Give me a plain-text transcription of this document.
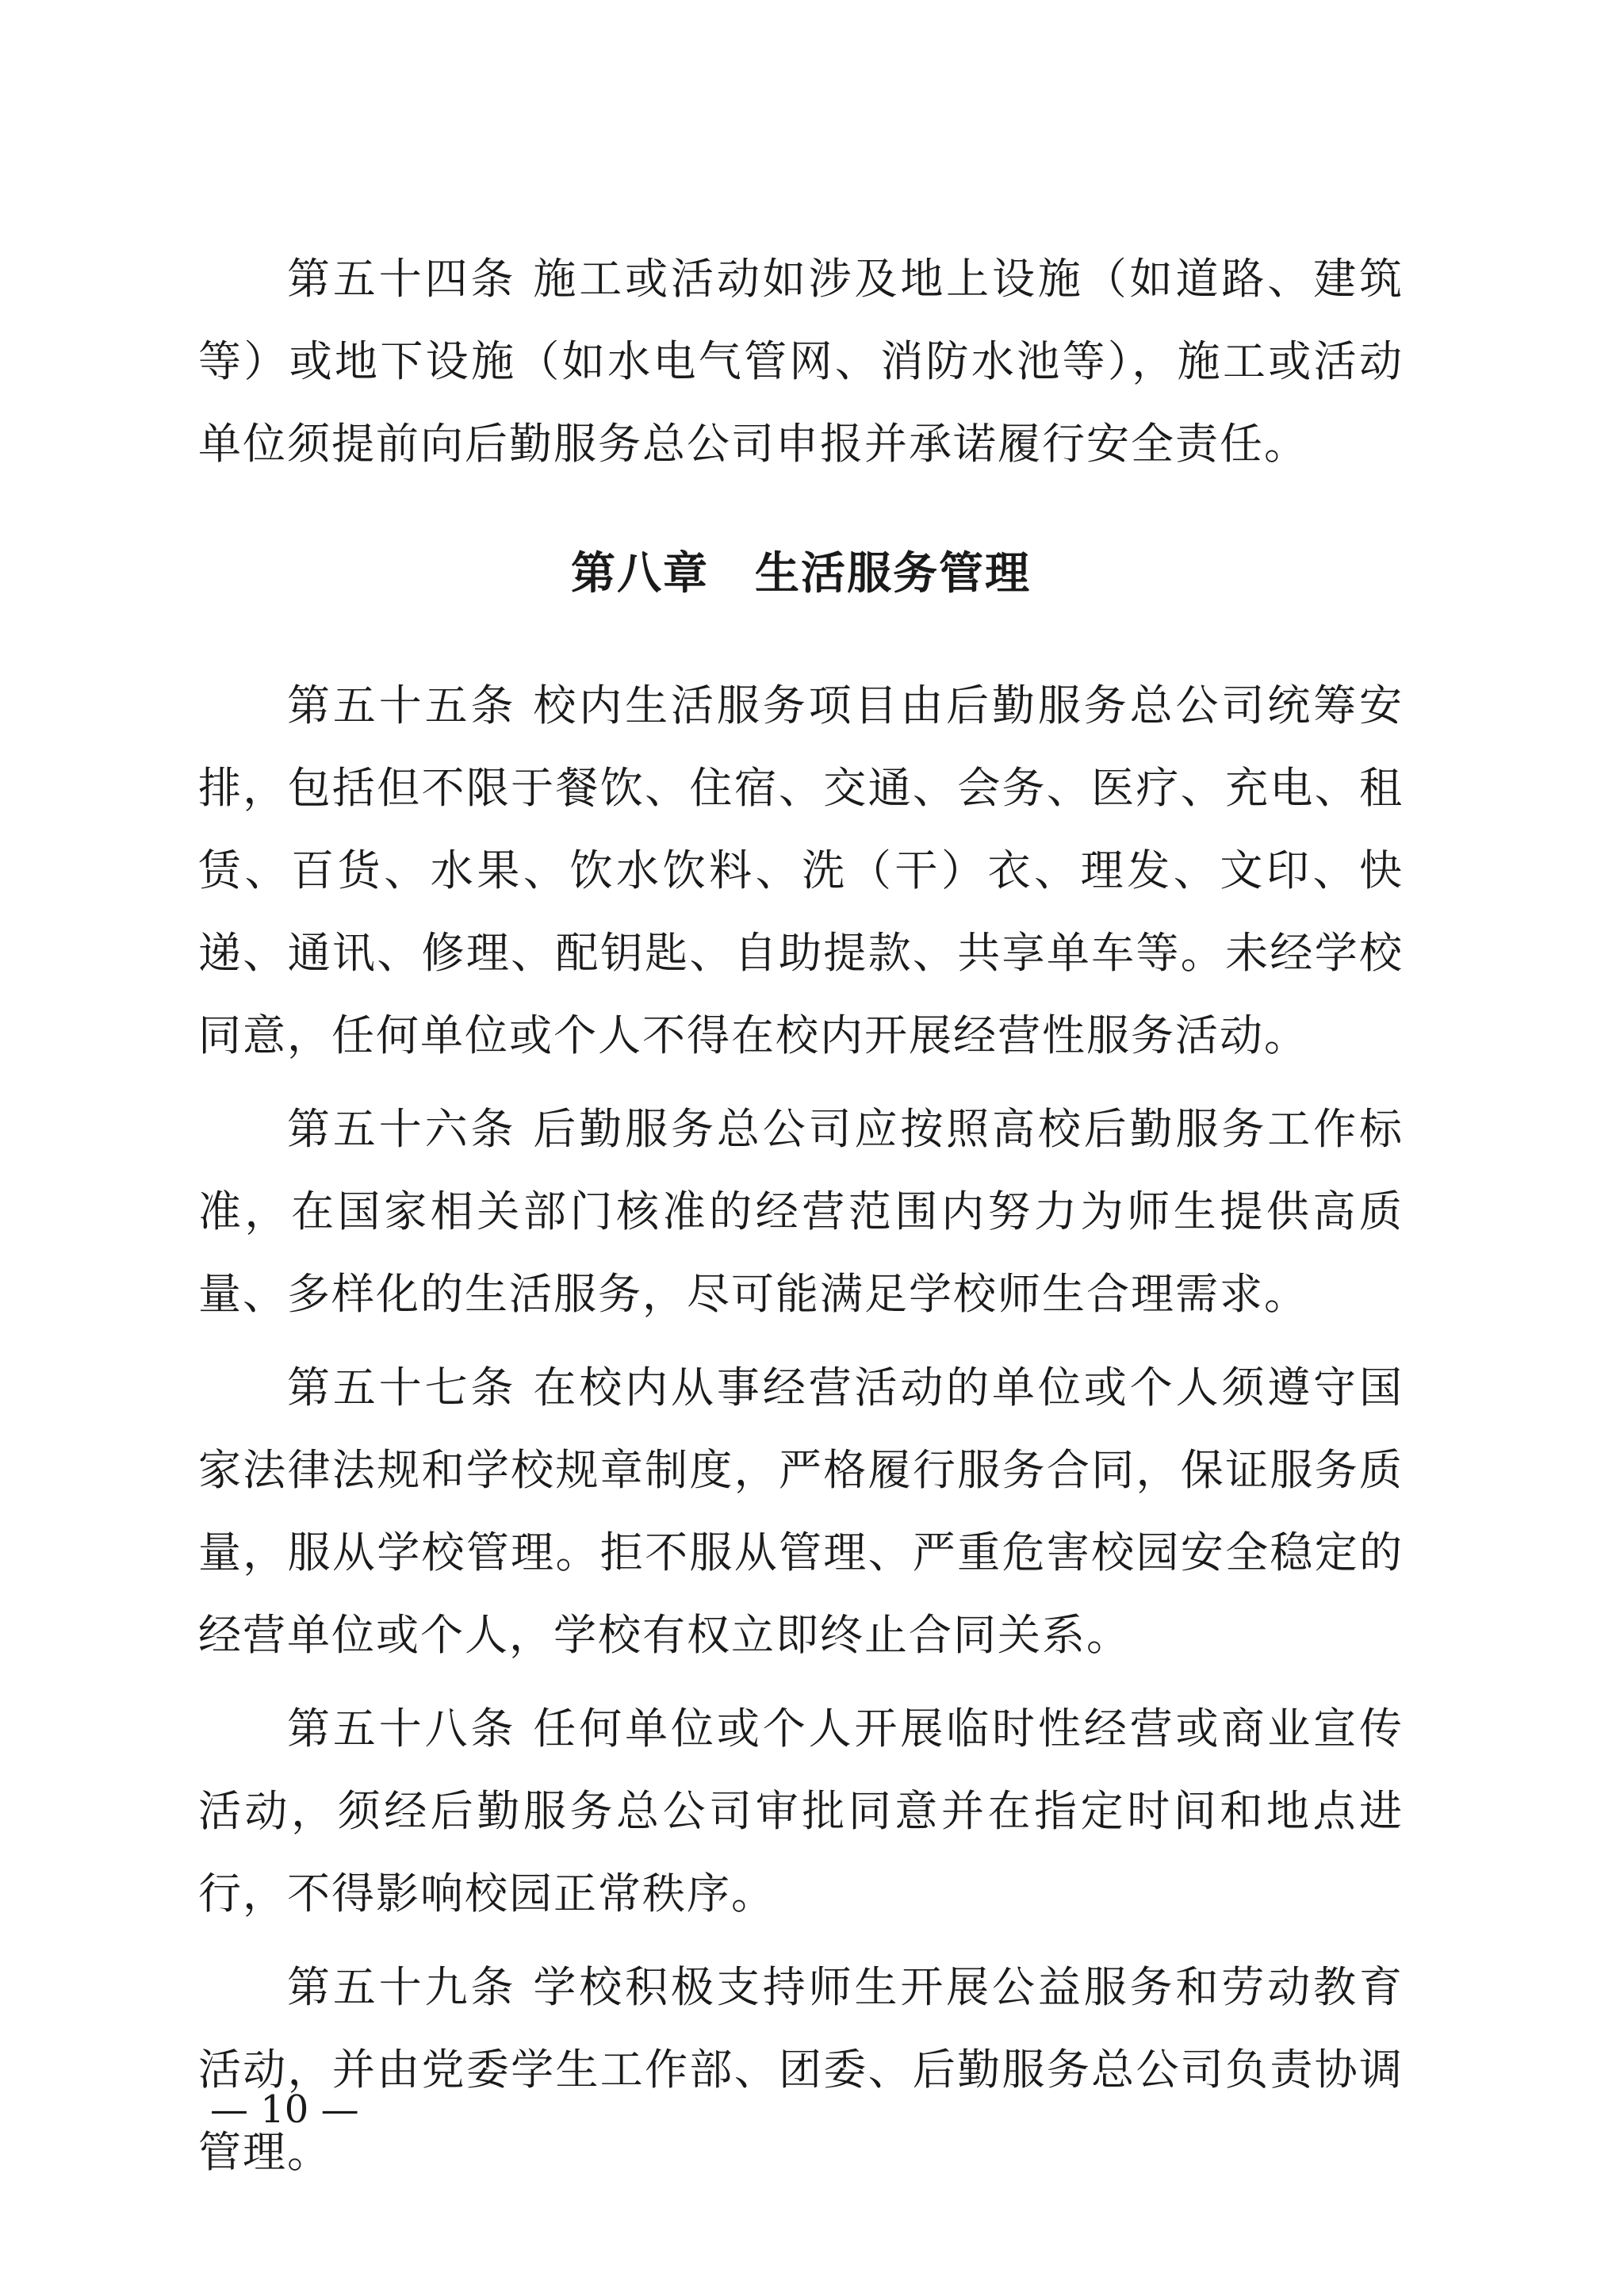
第五十四条 施工或活动如涉及地上设施（如道路、建筑等）或地下设施（如水电气管网、消防水池等），施工或活动单位须提前向后勤服务总公司申报并承诺履行安全责任。

第八章　生活服务管理

第五十五条 校内生活服务项目由后勤服务总公司统筹安排，包括但不限于餐饮、住宿、交通、会务、医疗、充电、租赁、百货、水果、饮水饮料、洗（干）衣、理发、文印、快递、通讯、修理、配钥匙、自助提款、共享单车等。未经学校同意，任何单位或个人不得在校内开展经营性服务活动。

第五十六条 后勤服务总公司应按照高校后勤服务工作标准，在国家相关部门核准的经营范围内努力为师生提供高质量、多样化的生活服务，尽可能满足学校师生合理需求。

第五十七条 在校内从事经营活动的单位或个人须遵守国家法律法规和学校规章制度，严格履行服务合同，保证服务质量，服从学校管理。拒不服从管理、严重危害校园安全稳定的经营单位或个人，学校有权立即终止合同关系。

第五十八条 任何单位或个人开展临时性经营或商业宣传活动，须经后勤服务总公司审批同意并在指定时间和地点进行，不得影响校园正常秩序。

第五十九条 学校积极支持师生开展公益服务和劳动教育活动，并由党委学生工作部、团委、后勤服务总公司负责协调管理。

— 10 —
